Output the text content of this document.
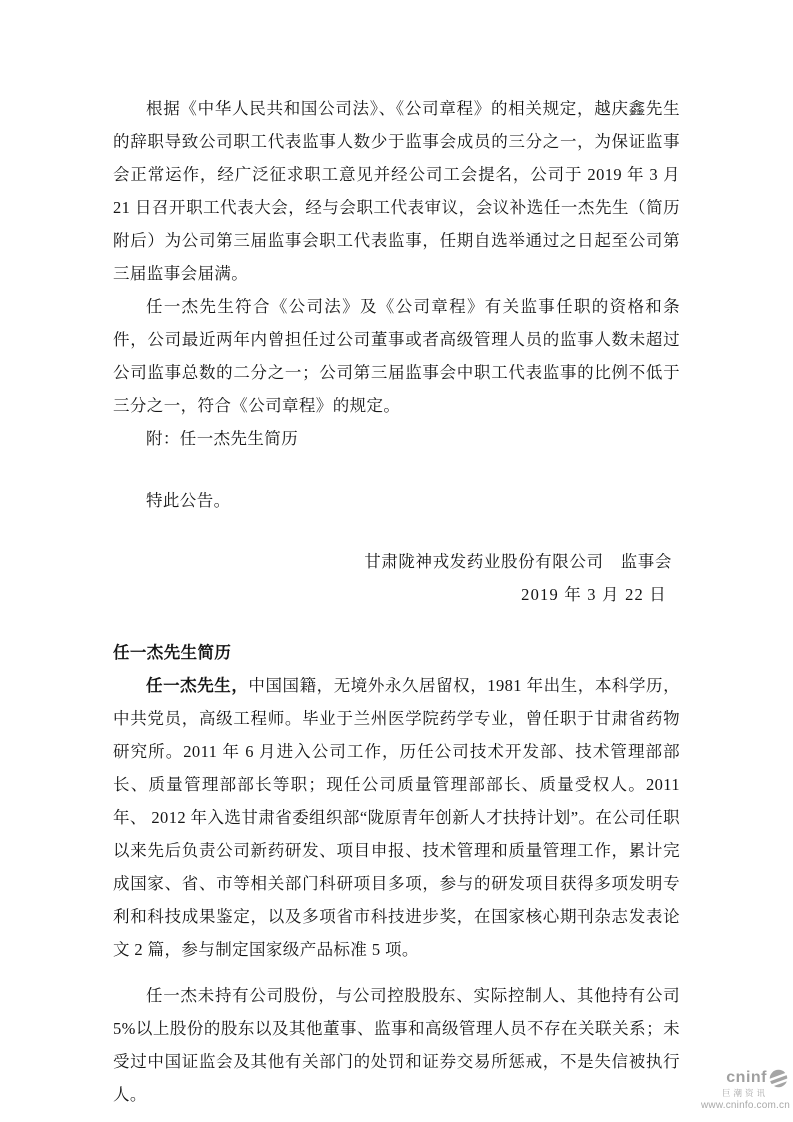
根据《中华人民共和国公司法》、《公司章程》的相关规定，越庆鑫先生的辞职导致公司职工代表监事人数少于监事会成员的三分之一，为保证监事会正常运作，经广泛征求职工意见并经公司工会提名，公司于 2019 年 3 月 21 日召开职工代表大会，经与会职工代表审议，会议补选任一杰先生（简历附后）为公司第三届监事会职工代表监事，任期自选举通过之日起至公司第三届监事会届满。

任一杰先生符合《公司法》及《公司章程》有关监事任职的资格和条件，公司最近两年内曾担任过公司董事或者高级管理人员的监事人数未超过公司监事总数的二分之一；公司第三届监事会中职工代表监事的比例不低于三分之一，符合《公司章程》的规定。

附：任一杰先生简历

特此公告。

甘肃陇神戎发药业股份有限公司　监事会
2019 年 3 月 22 日
任一杰先生简历

任一杰先生，中国国籍，无境外永久居留权，1981 年出生，本科学历，中共党员，高级工程师。毕业于兰州医学院药学专业，曾任职于甘肃省药物研究所。2011 年 6 月进入公司工作，历任公司技术开发部、技术管理部部长、质量管理部部长等职；现任公司质量管理部部长、质量受权人。2011 年、 2012 年入选甘肃省委组织部“陇原青年创新人才扶持计划”。在公司任职以来先后负责公司新药研发、项目申报、技术管理和质量管理工作，累计完成国家、省、市等相关部门科研项目多项，参与的研发项目获得多项发明专利和科技成果鉴定，以及多项省市科技进步奖，在国家核心期刊杂志发表论文 2 篇，参与制定国家级产品标准 5 项。

任一杰未持有公司股份，与公司控股股东、实际控制人、其他持有公司 5%以上股份的股东以及其他董事、监事和高级管理人员不存在关联关系；未受过中国证监会及其他有关部门的处罚和证券交易所惩戒，不是失信被执行人。

cninf
巨潮资讯
www.cninfo.com.cn
